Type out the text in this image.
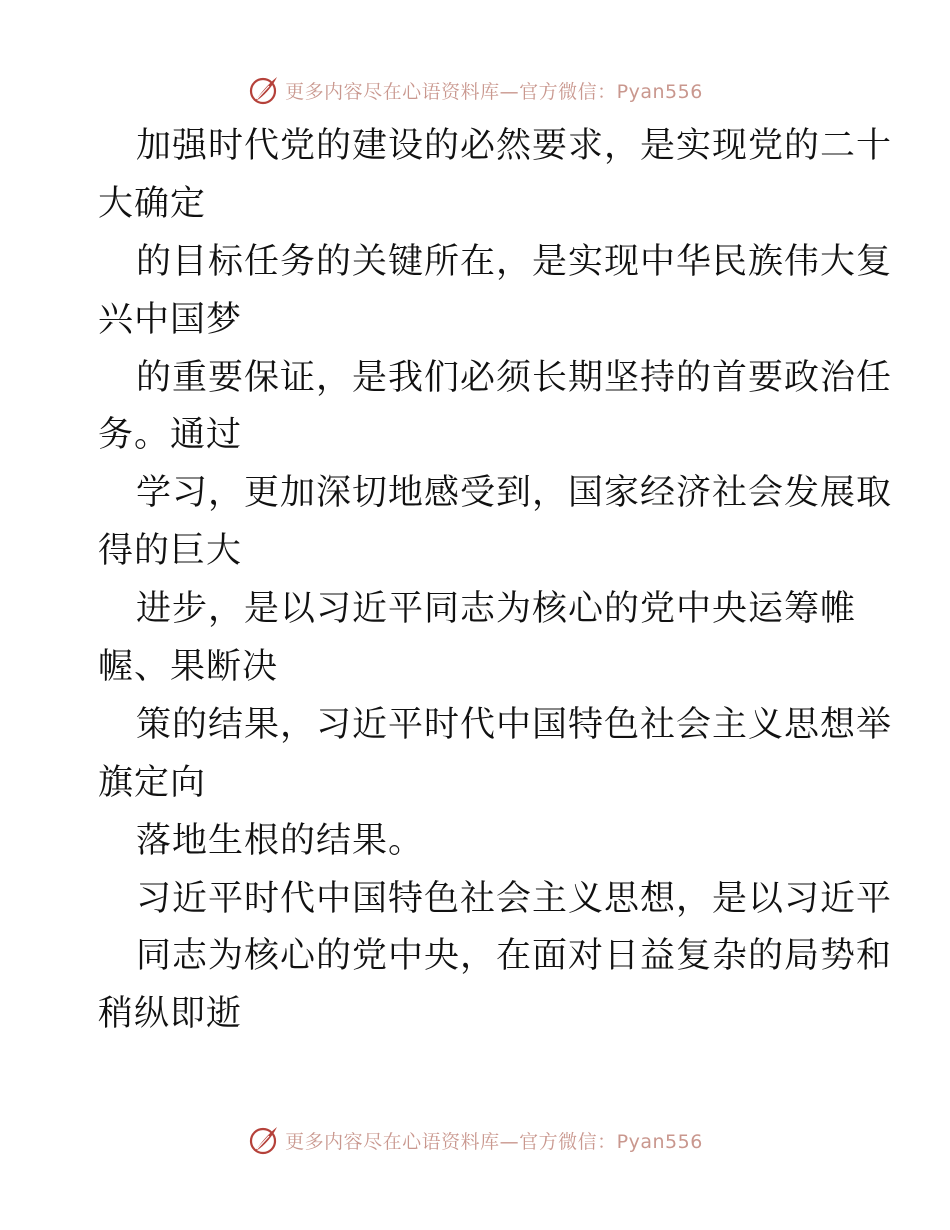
更多内容尽在心语资料库—官方微信：Pyan556
加强时代党的建设的必然要求，是实现党的二十
大确定
的目标任务的关键所在，是实现中华民族伟大复
兴中国梦
的重要保证，是我们必须长期坚持的首要政治任
务。通过
学习，更加深切地感受到，国家经济社会发展取
得的巨大
进步，是以习近平同志为核心的党中央运筹帷
幄、果断决
策的结果，习近平时代中国特色社会主义思想举
旗定向
落地生根的结果。
习近平时代中国特色社会主义思想，是以习近平
同志为核心的党中央，在面对日益复杂的局势和
稍纵即逝
更多内容尽在心语资料库—官方微信：Pyan556
